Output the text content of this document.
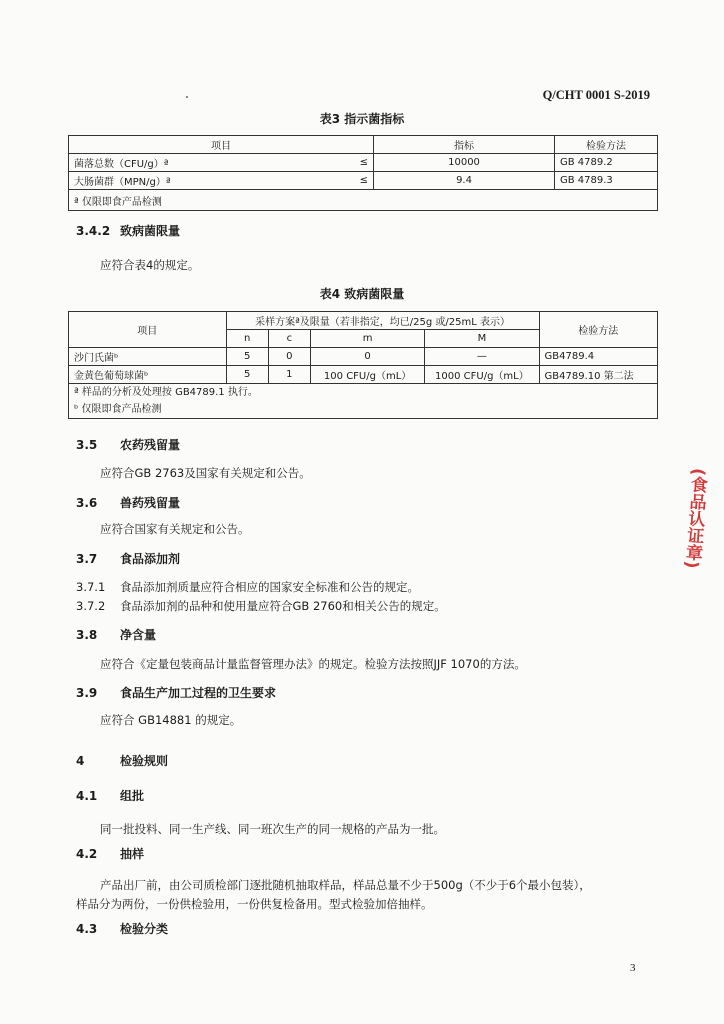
Q/CHT 0001 S-2019
表3 指示菌指标
项目		指标	检验方法
菌落总数（CFU/g）ª	≤	10000	GB 4789.2
大肠菌群（MPN/g）ª	≤	9.4	GB 4789.3
ª 仅限即食产品检测			
3.4.2 致病菌限量
应符合表4的规定。
表4 致病菌限量
项目	采样方案ª及限量（若非指定，均已/25g 或/25mL 表示）				检验方法
	n	c	m	M	
沙门氏菌ᵇ	5	0	0	—	GB4789.4
金黄色葡萄球菌ᵇ	5	1	100 CFU/g（mL）	1000 CFU/g（mL）	GB4789.10 第二法

ª 样品的分析及处理按 GB4789.1 执行。
ᵇ 仅限即食产品检测					
3.5 农药残留量
应符合GB 2763及国家有关规定和公告。
3.6 兽药残留量
应符合国家有关规定和公告。
3.7 食品添加剂
3.7.1 食品添加剂质量应符合相应的国家安全标准和公告的规定。
3.7.2 食品添加剂的品种和使用量应符合GB 2760和相关公告的规定。
3.8 净含量
应符合《定量包装商品计量监督管理办法》的规定。检验方法按照JJF 1070的方法。
3.9 食品生产加工过程的卫生要求
应符合 GB14881 的规定。
4	检验规则
4.1 组批
同一批投料、同一生产线、同一班次生产的同一规格的产品为一批。
4.2 抽样
产品出厂前，由公司质检部门逐批随机抽取样品，样品总量不少于500g（不少于6个最小包装），
样品分为两份，一份供检验用，一份供复检备用。型式检验加倍抽样。
4.3 检验分类
(食品认证章)
3
